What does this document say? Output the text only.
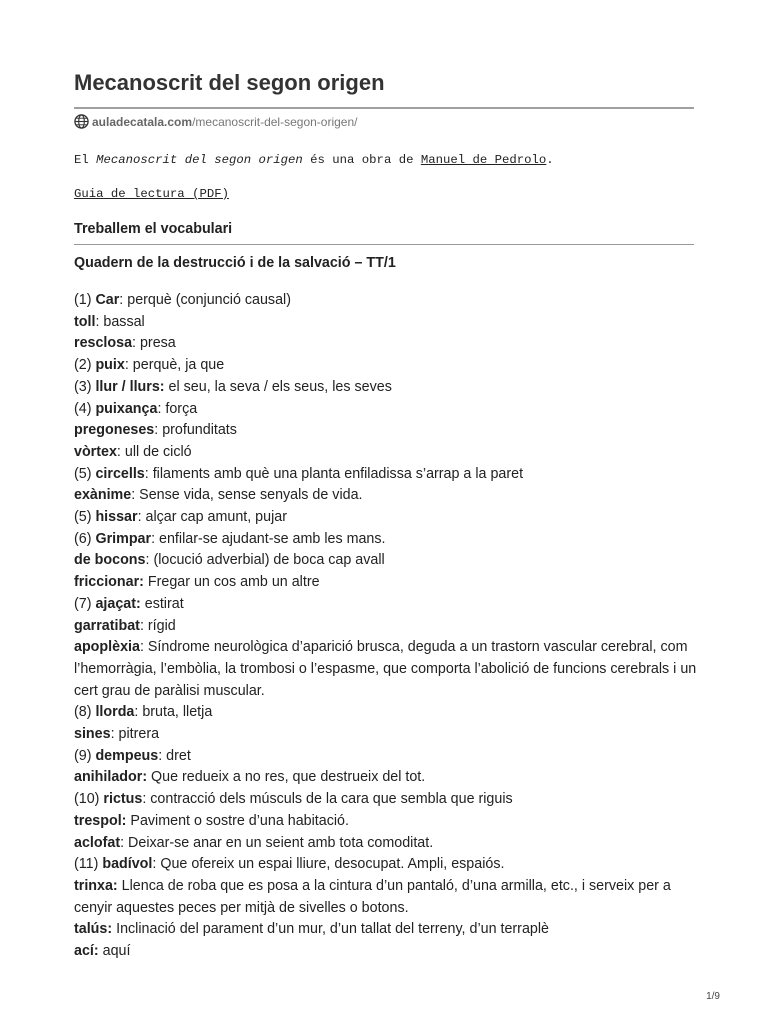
Mecanoscrit del segon origen
auladecatala.com /mecanoscrit-del-segon-origen/
El Mecanoscrit del segon origen és una obra de Manuel de Pedrolo.
Guia de lectura (PDF)
Treballem el vocabulari
Quadern de la destrucció i de la salvació – TT/1
(1) Car: perquè (conjunció causal)
toll: bassal
resclosa: presa
(2) puix: perquè, ja que
(3) llur / llurs: el seu, la seva / els seus, les seves
(4) puixança: força
pregoneses: profunditats
vòrtex: ull de cicló
(5) circells: filaments amb què una planta enfiladissa s’arrap a la paret
exànime: Sense vida, sense senyals de vida.
(5) hissar: alçar cap amunt, pujar
(6) Grimpar: enfilar-se ajudant-se amb les mans.
de bocons: (locució adverbial) de boca cap avall
friccionar: Fregar un cos amb un altre
(7) ajaçat: estirat
garratibat: rígid
apoplèxia: Síndrome neurològica d’aparició brusca, deguda a un trastorn vascular cerebral, com l’hemorràgia, l’embòlia, la trombosi o l’espasme, que comporta l’abolició de funcions cerebrals i un cert grau de paràlisi muscular.
(8) llorda: bruta, lletja
sines: pitrera
(9) dempeus: dret
anihilador: Que redueix a no res, que destrueix del tot.
(10) rictus: contracció dels músculs de la cara que sembla que riguis
trespol: Paviment o sostre d’una habitació.
aclofat: Deixar-se anar en un seient amb tota comoditat.
(11) badívol: Que ofereix un espai lliure, desocupat. Ampli, espaiós.
trinxa: Llenca de roba que es posa a la cintura d’un pantaló, d’una armilla, etc., i serveix per a cenyir aquestes peces per mitjà de sivelles o botons.
talús: Inclinació del parament d’un mur, d’un tallat del terreny, d’un terraplè
ací: aquí
1/9
